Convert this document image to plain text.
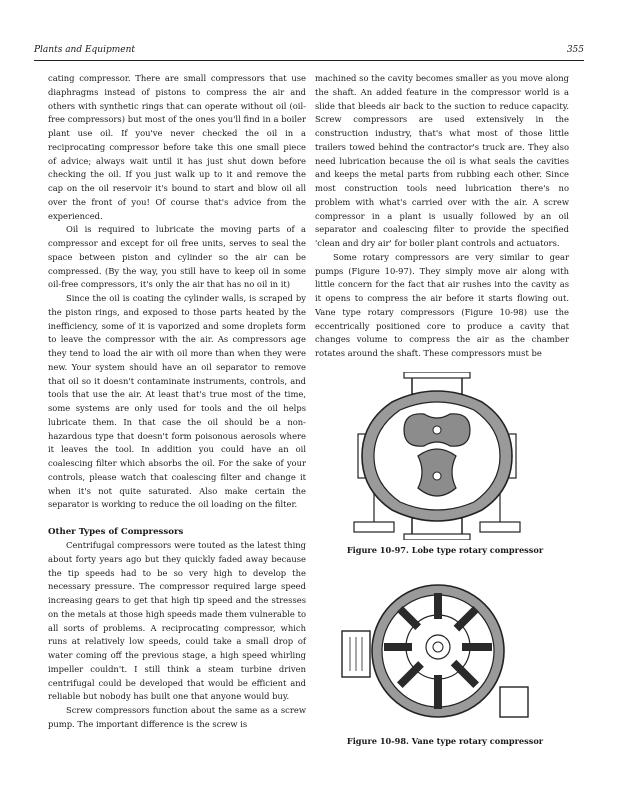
Plants and Equipment	355

cating compressor. There are small compressors that use diaphragms instead of pistons to compress the air and others with synthetic rings that can operate without oil (oil-free compressors) but most of the ones you'll find in a boiler plant use oil. If you've never checked the oil in a reciprocating compressor before take this one small piece of advice; always wait until it has just shut down before checking the oil. If you just walk up to it and remove the cap on the oil reservoir it's bound to start and blow oil all over the front of you! Of course that's advice from the experienced.

Oil is required to lubricate the moving parts of a compressor and except for oil free units, serves to seal the space between piston and cylinder so the air can be compressed. (By the way, you still have to keep oil in some oil-free compressors, it's only the air that has no oil in it)

Since the oil is coating the cylinder walls, is scraped by the piston rings, and exposed to those parts heated by the inefficiency, some of it is vaporized and some droplets form to leave the compressor with the air. As compressors age they tend to load the air with oil more than when they were new. Your system should have an oil separator to remove that oil so it doesn't contaminate instruments, controls, and tools that use the air. At least that's true most of the time, some systems are only used for tools and the oil helps lubricate them. In that case the oil should be a non-hazardous type that doesn't form poisonous aerosols where it leaves the tool. In addition you could have an oil coalescing filter which absorbs the oil. For the sake of your controls, please watch that coalescing filter and change it when it's not quite saturated. Also make certain the separator is working to reduce the oil loading on the filter.

Other Types of Compressors

Centrifugal compressors were touted as the latest thing about forty years ago but they quickly faded away because the tip speeds had to be so very high to develop the necessary pressure. The compressor required large speed increasing gears to get that high tip speed and the stresses on the metals at those high speeds made them vulnerable to all sorts of problems. A reciprocating compressor, which runs at relatively low speeds, could take a small drop of water coming off the previous stage, a high speed whirling impeller couldn't. I still think a steam turbine driven centrifugal could be developed that would be efficient and reliable but nobody has built one that anyone would buy.

Screw compressors function about the same as a screw pump. The important difference is the screw is

machined so the cavity becomes smaller as you move along the shaft. An added feature in the compressor world is a slide that bleeds air back to the suction to reduce capacity. Screw compressors are used extensively in the construction industry, that's what most of those little trailers towed behind the contractor's truck are. They also need lubrication because the oil is what seals the cavities and keeps the metal parts from rubbing each other. Since most construction tools need lubrication there's no problem with what's carried over with the air. A screw compressor in a plant is usually followed by an oil separator and coalescing filter to provide the specified 'clean and dry air' for boiler plant controls and actuators.

Some rotary compressors are very similar to gear pumps (Figure 10-97). They simply move air along with little concern for the fact that air rushes into the cavity as it opens to compress the air before it starts flowing out. Vane type rotary compressors (Figure 10-98) use the eccentrically positioned core to produce a cavity that changes volume to compress the air as the chamber rotates around the shaft. These compressors must be

Figure 10-97. Lobe type rotary compressor
Figure 10-98. Vane type rotary compressor
